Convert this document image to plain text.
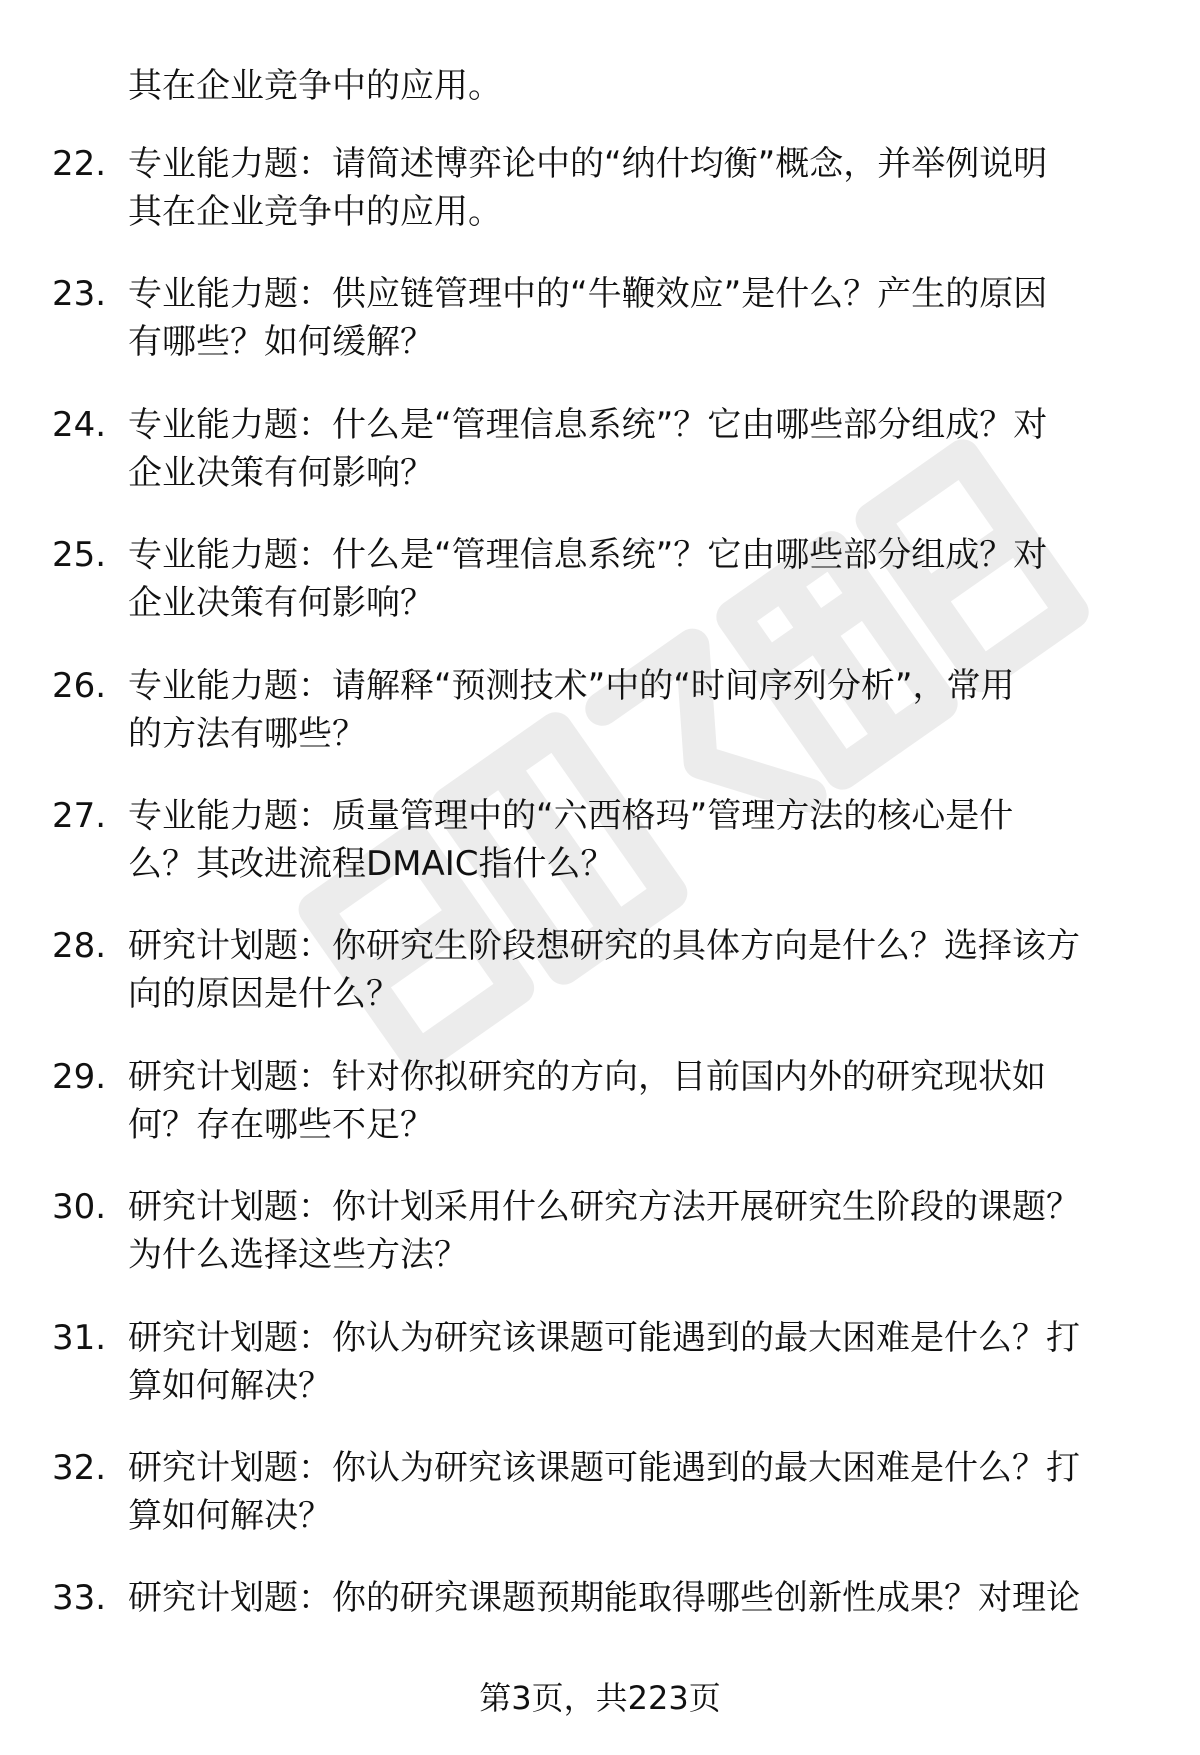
其在企业竞争中的应用。
22. 专业能力题：请简述博弈论中的“纳什均衡”概念，并举例说明
其在企业竞争中的应用。
23. 专业能力题：供应链管理中的“牛鞭效应”是什么？产生的原因
有哪些？如何缓解？
24. 专业能力题：什么是“管理信息系统”？它由哪些部分组成？对
企业决策有何影响？
25. 专业能力题：什么是“管理信息系统”？它由哪些部分组成？对
企业决策有何影响？
26. 专业能力题：请解释“预测技术”中的“时间序列分析”，常用
的方法有哪些？
27. 专业能力题：质量管理中的“六西格玛”管理方法的核心是什
么？其改进流程DMAIC指什么？
28. 研究计划题：你研究生阶段想研究的具体方向是什么？选择该方
向的原因是什么？
29. 研究计划题：针对你拟研究的方向，目前国内外的研究现状如
何？存在哪些不足？
30. 研究计划题：你计划采用什么研究方法开展研究生阶段的课题？
为什么选择这些方法？
31. 研究计划题：你认为研究该课题可能遇到的最大困难是什么？打
算如何解决？
32. 研究计划题：你认为研究该课题可能遇到的最大困难是什么？打
算如何解决？
33. 研究计划题：你的研究课题预期能取得哪些创新性成果？对理论
第3页，共223页
